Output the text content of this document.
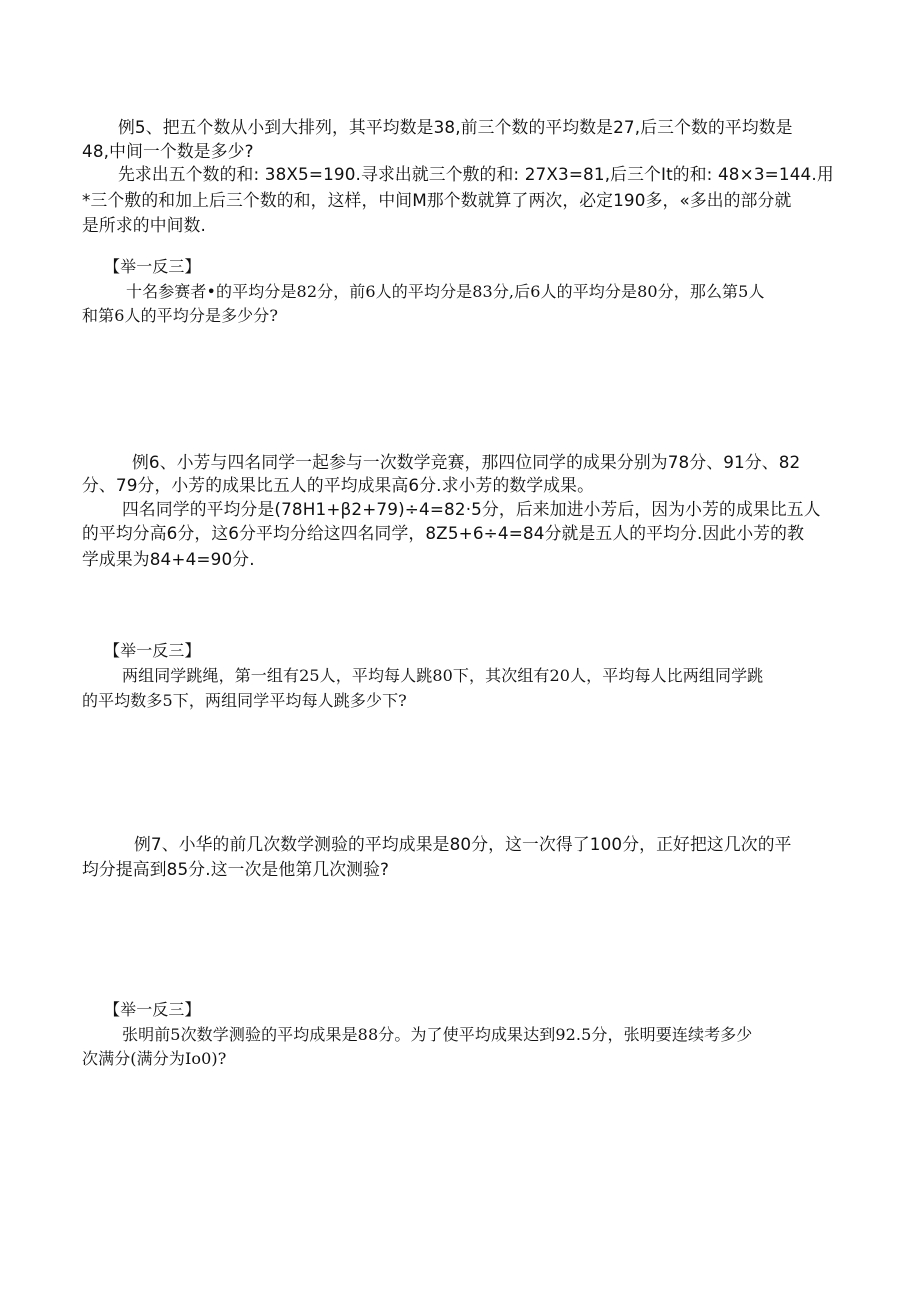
例5、把五个数从小到大排列，其平均数是38,前三个数的平均数是27,后三个数的平均数是

48,中间一个数是多少?

先求出五个数的和: 38X5=190.寻求出就三个敷的和: 27X3=81,后三个It的和: 48×3=144.用

*三个敷的和加上后三个数的和，这样，中间M那个数就算了两次，必定190多，«多出的部分就

是所求的中间数.

【举一反三】

十名参赛者•的平均分是82分，前6人的平均分是83分,后6人的平均分是80分，那么第5人

和第6人的平均分是多少分?

例6、小芳与四名同学一起参与一次数学竞赛，那四位同学的成果分别为78分、91分、82

分、79分，小芳的成果比五人的平均成果高6分.求小芳的数学成果。

四名同学的平均分是(78H1+β2+79)÷4=82·5分，后来加进小芳后，因为小芳的成果比五人

的平均分高6分，这6分平均分给这四名同学，8Z5+6÷4=84分就是五人的平均分.因此小芳的教

学成果为84+4=90分.

【举一反三】

两组同学跳绳，第一组有25人，平均每人跳80下，其次组有20人，平均每人比两组同学跳

的平均数多5下，两组同学平均每人跳多少下?

例7、小华的前几次数学测验的平均成果是80分，这一次得了100分，正好把这几次的平

均分提高到85分.这一次是他第几次测验?

【举一反三】

张明前5次数学测验的平均成果是88分。为了使平均成果达到92.5分，张明要连续考多少

次满分(满分为Io0)?
